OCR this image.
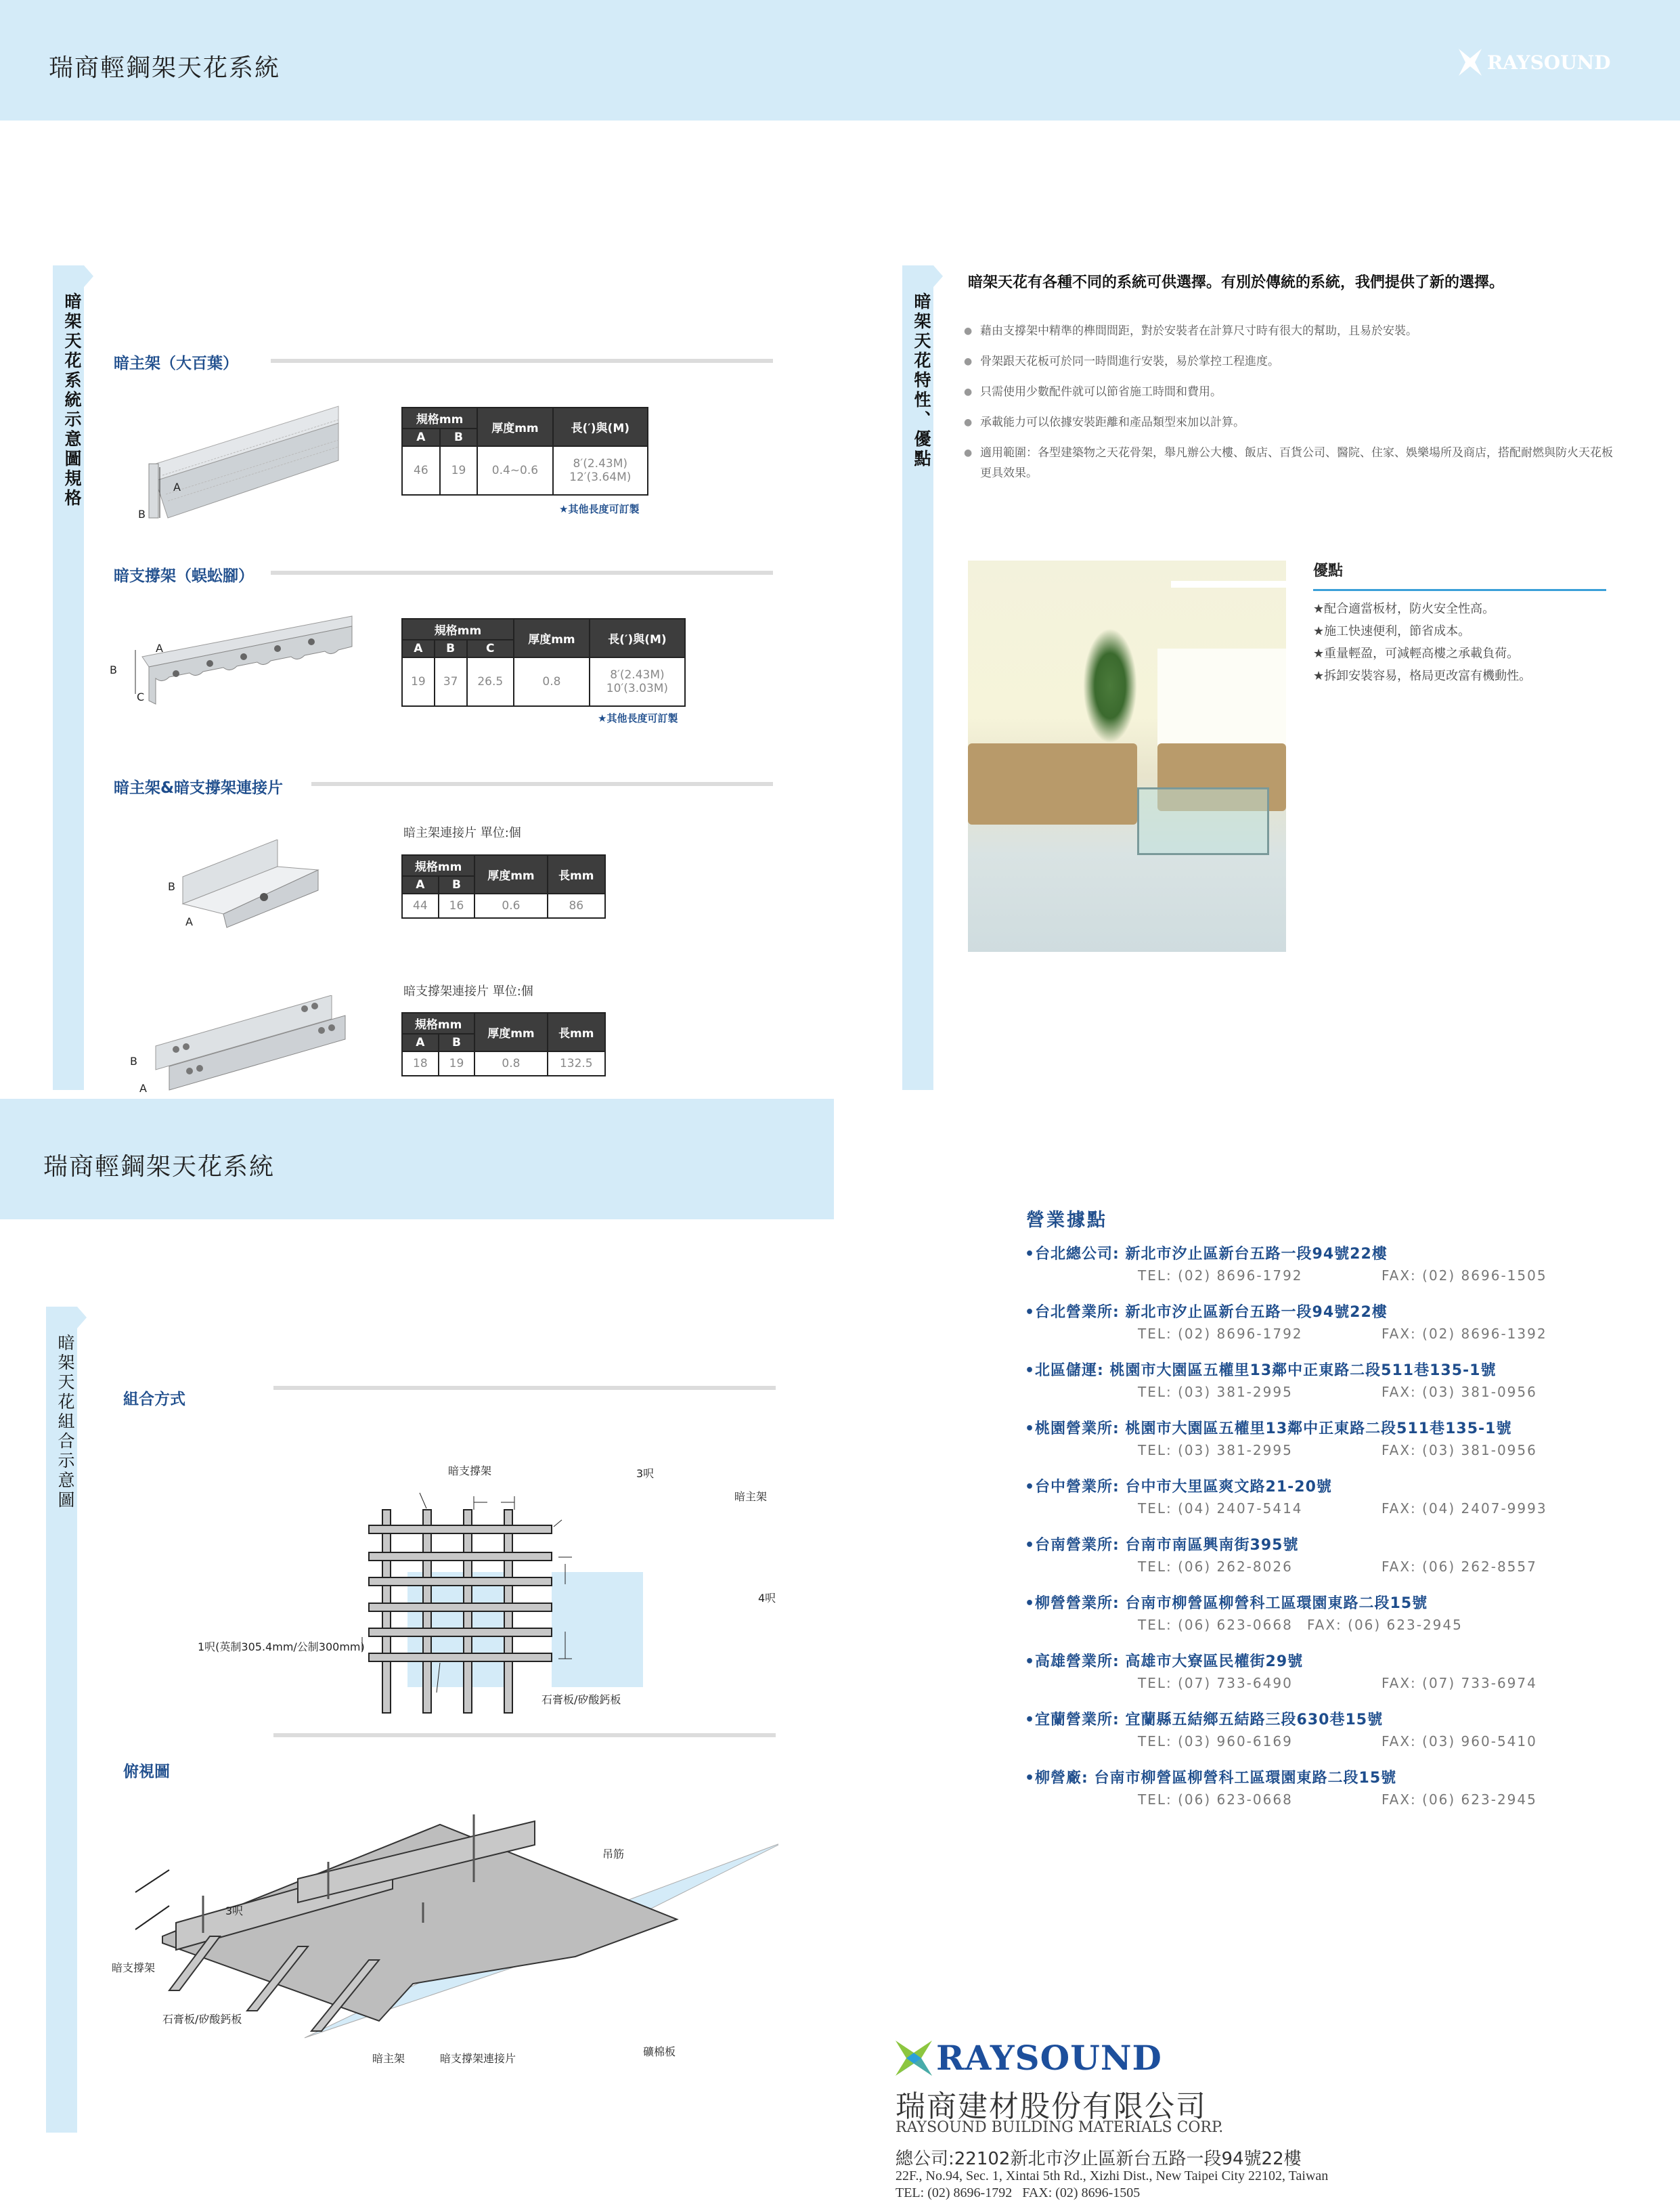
瑞商輕鋼架天花系統	RAYSOUND
暗架天花系統示意圖規格 暗主架（大百葉）
A
B
規格mm		厚度mm	長(′)與(M)
A	B		
46	19	0.4~0.6	8′(2.43M)
12′(3.64M)
★其他長度可訂製
暗支撐架（蜈蚣腳）
A
B
C
規格mm			厚度mm	長(′)與(M)
A	B	C		
19	37	26.5	0.8	8′(2.43M)
10′(3.03M)
★其他長度可訂製
暗主架&暗支撐架連接片
暗主架連接片 單位:個
B
A
規格mm		厚度mm	長mm
A	B		
44	16	0.6	86
暗支撐架連接片 單位:個
B
A
規格mm		厚度mm	長mm
A	B		
18	19	0.8	132.5
暗架天花特性、優點
暗架天花有各種不同的系統可供選擇。有別於傳統的系統，我們提供了新的選擇。
● 藉由支撐架中精準的榫間間距，對於安裝者在計算尺寸時有很大的幫助，且易於安裝。
● 骨架跟天花板可於同一時間進行安裝，易於掌控工程進度。
● 只需使用少數配件就可以節省施工時間和費用。
● 承載能力可以依據安裝距離和產品類型來加以計算。
● 適用範圍：各型建築物之天花骨架，舉凡辦公大樓、飯店、百貨公司、醫院、住家、娛樂場所及商店，搭配耐燃與防火天花板更具效果。
優點
★配合適當板材，防火安全性高。
★施工快速便利，節省成本。
★重量輕盈，可減輕高樓之承載負荷。
★拆卸安裝容易，格局更改富有機動性。
瑞商輕鋼架天花系統
暗架天花組合示意圖	組合方式
暗支撐架	3呎
暗主架
4呎
1呎(英制305.4mm/公制300mm)
石膏板/矽酸鈣板
俯視圖
吊筋
3呎
暗支撐架
石膏板/矽酸鈣板
暗主架	暗支撐架連接片
礦棉板
營業據點
•台北總公司: 新北市汐止區新台五路一段94號22樓
TEL: (02) 8696-1792	FAX: (02) 8696-1505
•台北營業所: 新北市汐止區新台五路一段94號22樓
TEL: (02) 8696-1792	FAX: (02) 8696-1392
•北區儲運: 桃園市大園區五權里13鄰中正東路二段511巷135-1號
TEL: (03) 381-2995	FAX: (03) 381-0956
•桃園營業所: 桃園市大園區五權里13鄰中正東路二段511巷135-1號
TEL: (03) 381-2995	FAX: (03) 381-0956
•台中營業所: 台中市大里區爽文路21-20號
TEL: (04) 2407-5414	FAX: (04) 2407-9993
•台南營業所: 台南市南區興南街395號
TEL: (06) 262-8026	FAX: (06) 262-8557
•柳營營業所: 台南市柳營區柳營科工區環園東路二段15號
TEL: (06) 623-0668	FAX: (06) 623-2945
•高雄營業所: 高雄市大寮區民權街29號
TEL: (07) 733-6490	FAX: (07) 733-6974
•宜蘭營業所: 宜蘭縣五結鄉五結路三段630巷15號
TEL: (03) 960-6169	FAX: (03) 960-5410
•柳營廠: 台南市柳營區柳營科工區環園東路二段15號
TEL: (06) 623-0668	FAX: (06) 623-2945
RAYSOUND
瑞商建材股份有限公司
RAYSOUND BUILDING MATERIALS CORP.
總公司:22102新北市汐止區新台五路一段94號22樓
22F., No.94, Sec. 1, Xintai 5th Rd., Xizhi Dist., New Taipei City 22102, Taiwan
TEL: (02) 8696-1792   FAX: (02) 8696-1505
